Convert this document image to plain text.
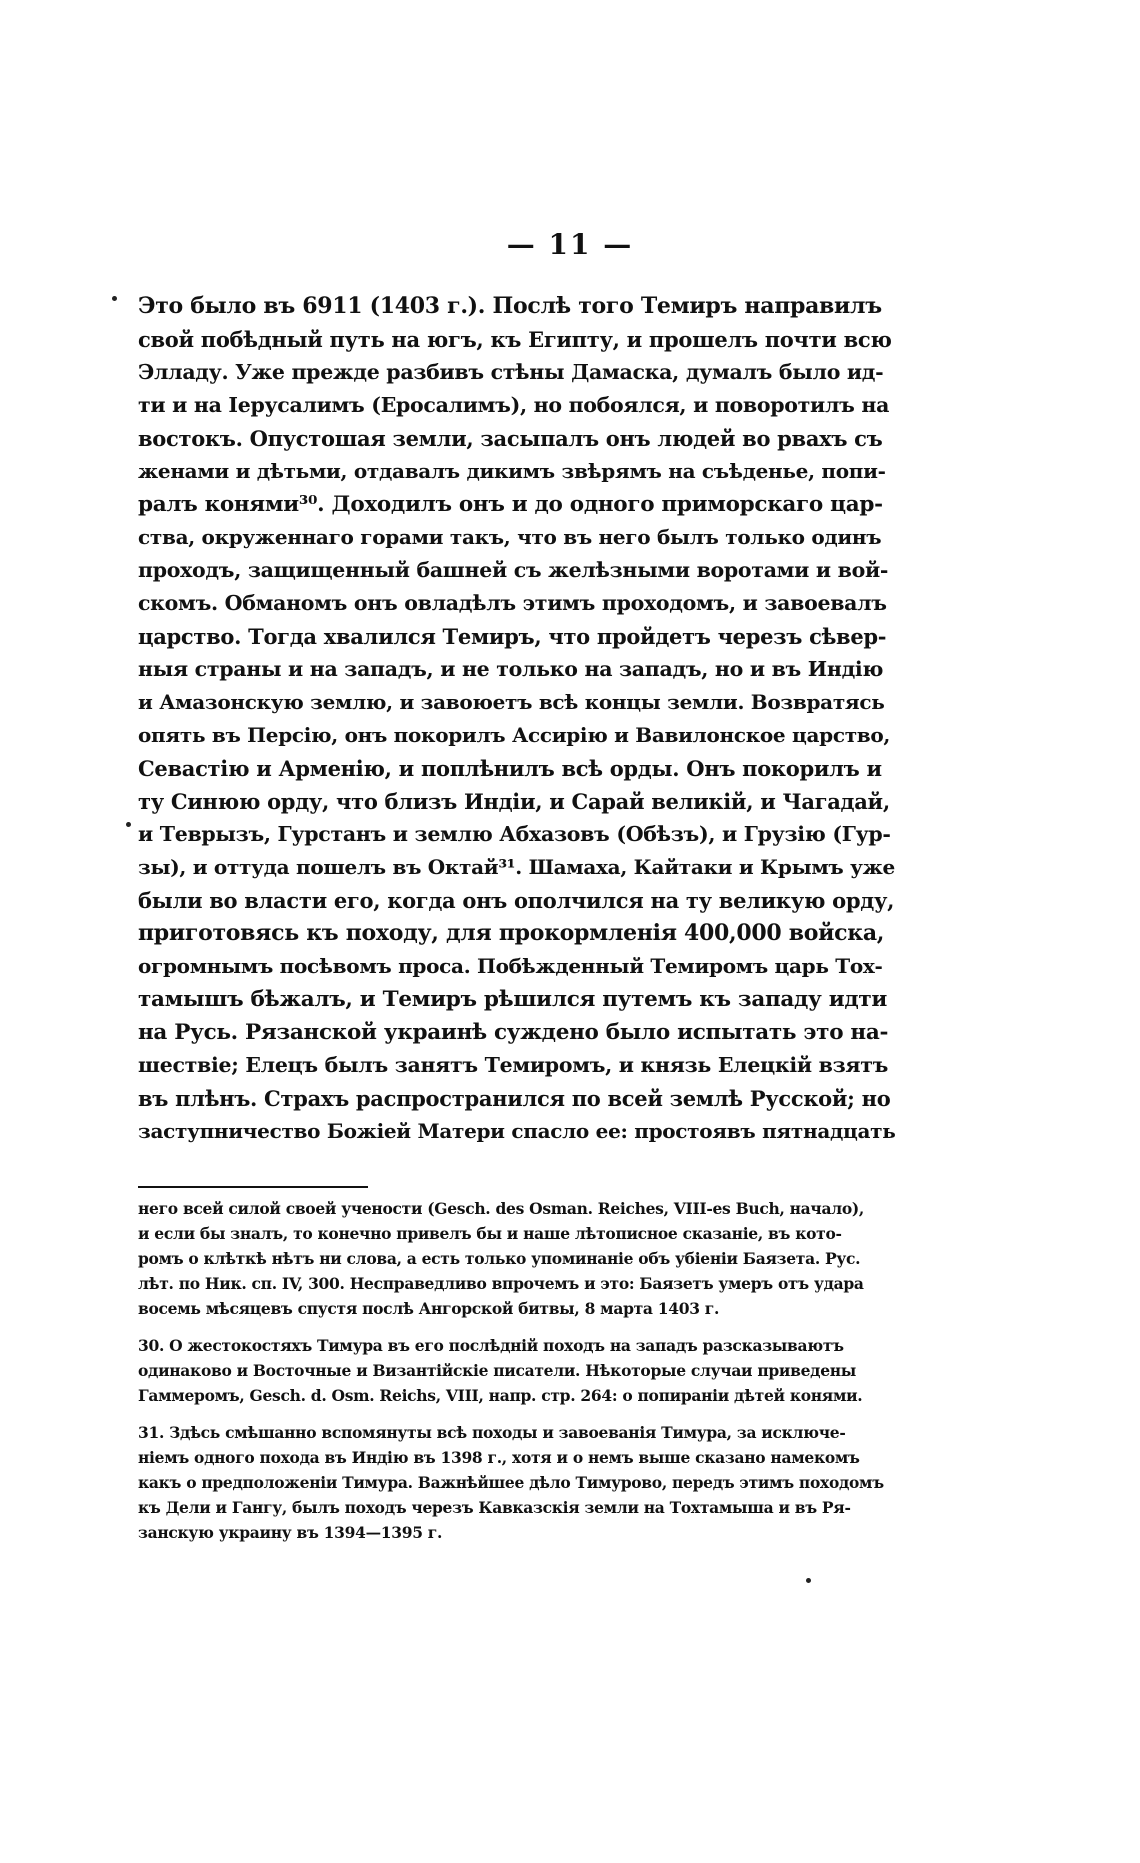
— 11 —
Это было въ 6911 (1403 г.). Послѣ того Темиръ направилъ
свой побѣдный путь на югъ, къ Египту, и прошелъ почти всю
Элладу. Уже прежде разбивъ стѣны Дамаска, думалъ было ид-
ти и на Іерусалимъ (Еросалимъ), но побоялся, и поворотилъ на
востокъ. Опустошая земли, засыпалъ онъ людей во рвахъ съ
женами и дѣтьми, отдавалъ дикимъ звѣрямъ на съѣденье, попи-
ралъ конями³⁰. Доходилъ онъ и до одного приморскаго цар-
ства, окруженнаго горами такъ, что въ него былъ только одинъ
проходъ, защищенный башней съ желѣзными воротами и вой-
скомъ. Обманомъ онъ овладѣлъ этимъ проходомъ, и завоевалъ
царство. Тогда хвалился Темиръ, что пройдетъ черезъ сѣвер-
ныя страны и на западъ, и не только на западъ, но и въ Индію
и Амазонскую землю, и завоюетъ всѣ концы земли. Возвратясь
опять въ Персію, онъ покорилъ Ассирію и Вавилонское царство,
Севастію и Арменію, и поплѣнилъ всѣ орды. Онъ покорилъ и
ту Синюю орду, что близъ Индіи, и Сарай великій, и Чагадай,
и Теврызъ, Гурстанъ и землю Абхазовъ (Обѣзъ), и Грузію (Гур-
зы), и оттуда пошелъ въ Октай³¹. Шамаха, Кайтаки и Крымъ уже
были во власти его, когда онъ ополчился на ту великую орду,
приготовясь къ походу, для прокормленія 400,000 войска,
огромнымъ посѣвомъ проса. Побѣжденный Темиромъ царь Тох-
тамышъ бѣжалъ, и Темиръ рѣшился путемъ къ западу идти
на Русь. Рязанской украинѣ суждено было испытать это на-
шествіе; Елецъ былъ занятъ Темиромъ, и князь Елецкій взятъ
въ плѣнъ. Страхъ распространился по всей землѣ Русской; но
заступничество Божіей Матери спасло ее: простоявъ пятнадцать
него всей силой своей учености (Gesch. des Osman. Reiches, VIII-es Buch, начало),
и если бы зналъ, то конечно привелъ бы и наше лѣтописное сказаніе, въ кото-
ромъ о клѣткѣ нѣтъ ни слова, а есть только упоминаніе объ убіеніи Баязета. Рус.
лѣт. по Ник. сп. IV, 300. Несправедливо впрочемъ и это: Баязетъ умеръ отъ удара
восемь мѣсяцевъ спустя послѣ Ангорской битвы, 8 марта 1403 г.
30. О жестокостяхъ Тимура въ его послѣдній походъ на западъ разсказываютъ
одинаково и Восточные и Византійскіе писатели. Нѣкоторые случаи приведены
Гаммеромъ, Gesch. d. Osm. Reichs, VIII, напр. стр. 264: о попираніи дѣтей конями.
31. Здѣсь смѣшанно вспомянуты всѣ походы и завоеванія Тимура, за исключе-
ніемъ одного похода въ Индію въ 1398 г., хотя и о немъ выше сказано намекомъ
какъ о предположеніи Тимура. Важнѣйшее дѣло Тимурово, передъ этимъ походомъ
къ Дели и Гангу, былъ походъ черезъ Кавказскія земли на Тохтамыша и въ Ря-
занскую украину въ 1394—1395 г.
